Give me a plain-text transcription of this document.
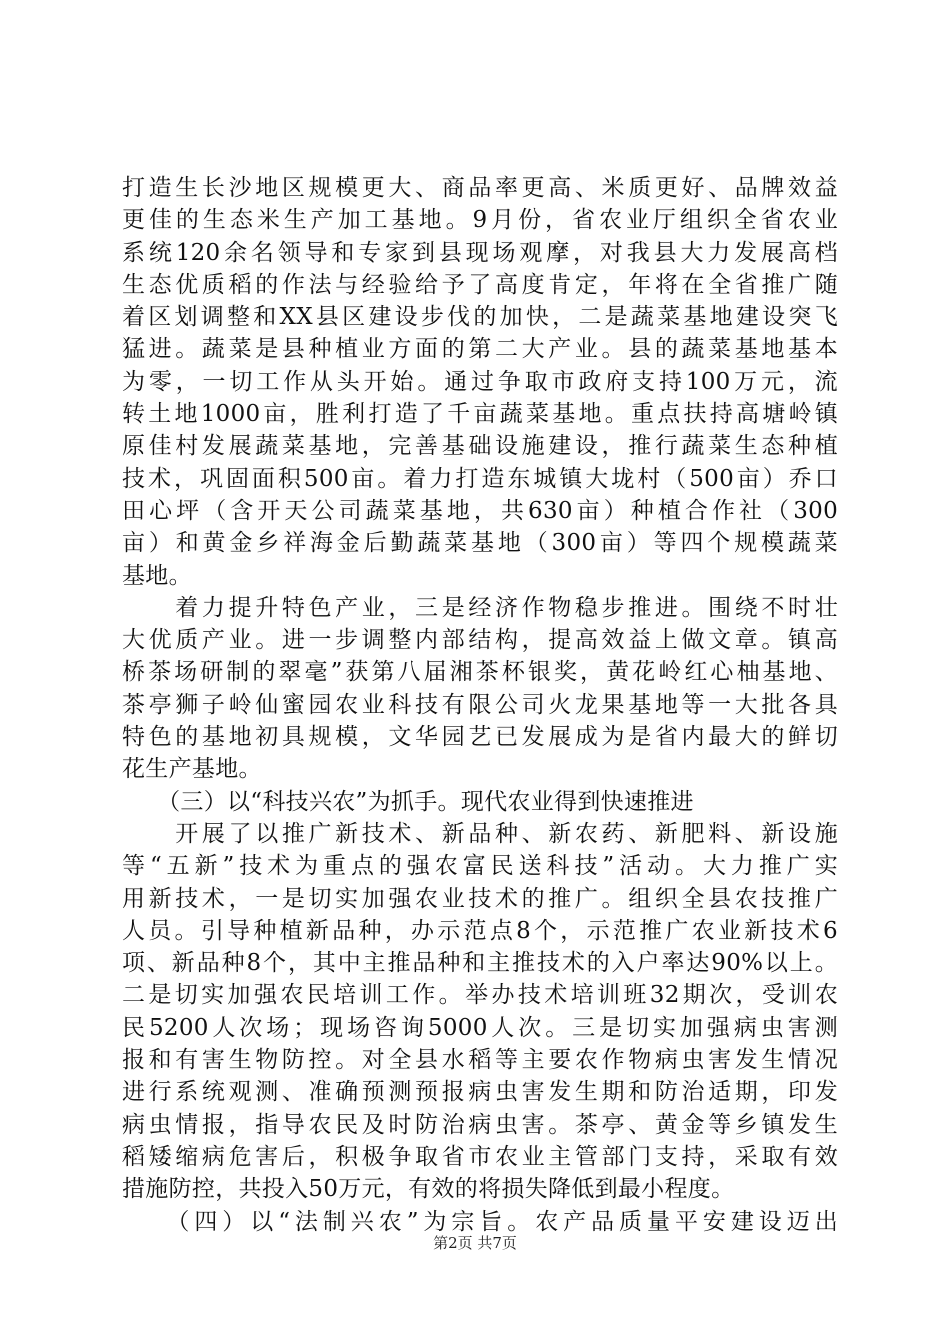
打造生长沙地区规模更大、商品率更高、米质更好、品牌效益
更佳的生态米生产加工基地。9月份，省农业厅组织全省农业
系统120余名领导和专家到县现场观摩，对我县大力发展高档
生态优质稻的作法与经验给予了高度肯定，年将在全省推广随
着区划调整和XX县区建设步伐的加快，二是蔬菜基地建设突飞
猛进。蔬菜是县种植业方面的第二大产业。县的蔬菜基地基本
为零，一切工作从头开始。通过争取市政府支持100万元，流
转土地1000亩，胜利打造了千亩蔬菜基地。重点扶持高塘岭镇
原佳村发展蔬菜基地，完善基础设施建设，推行蔬菜生态种植
技术，巩固面积500亩。着力打造东城镇大垅村（500亩）乔口
田心坪（含开天公司蔬菜基地，共630亩）种植合作社（300
亩）和黄金乡祥海金后勤蔬菜基地（300亩）等四个规模蔬菜
基地。
　　着力提升特色产业，三是经济作物稳步推进。围绕不时壮
大优质产业。进一步调整内部结构，提高效益上做文章。镇高
桥茶场研制的翠毫”获第八届湘茶杯银奖，黄花岭红心柚基地、
茶亭狮子岭仙蜜园农业科技有限公司火龙果基地等一大批各具
特色的基地初具规模，文华园艺已发展成为是省内最大的鲜切
花生产基地。
　　（三）以“科技兴农”为抓手。现代农业得到快速推进
　　开展了以推广新技术、新品种、新农药、新肥料、新设施
等“五新”技术为重点的强农富民送科技”活动。大力推广实
用新技术，一是切实加强农业技术的推广。组织全县农技推广
人员。引导种植新品种，办示范点8个，示范推广农业新技术6
项、新品种8个，其中主推品种和主推技术的入户率达90%以上。
二是切实加强农民培训工作。举办技术培训班32期次，受训农
民5200人次场；现场咨询5000人次。三是切实加强病虫害测
报和有害生物防控。对全县水稻等主要农作物病虫害发生情况
进行系统观测、准确预测预报病虫害发生期和防治适期，印发
病虫情报，指导农民及时防治病虫害。茶亭、黄金等乡镇发生
稻矮缩病危害后，积极争取省市农业主管部门支持，采取有效
措施防控，共投入50万元，有效的将损失降低到最小程度。
　　（四）以“法制兴农”为宗旨。农产品质量平安建设迈出
第2页 共7页
